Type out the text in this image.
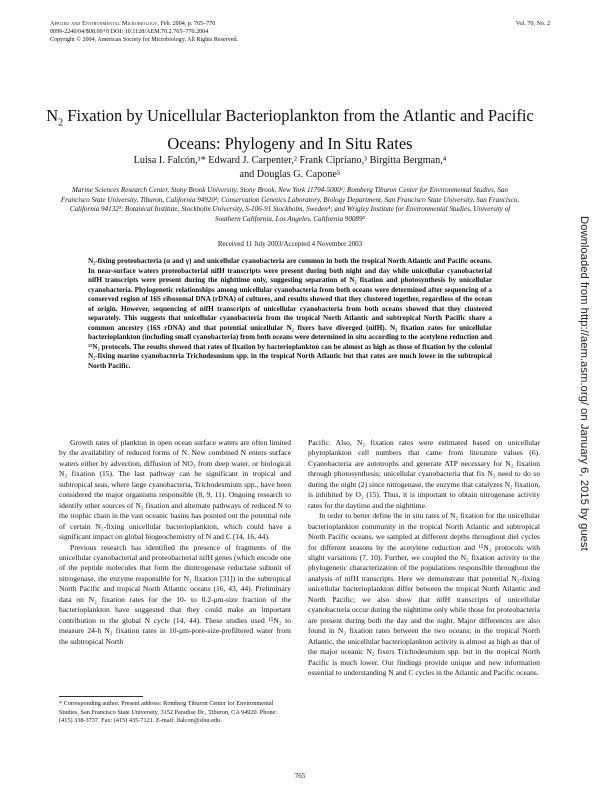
Applied and Environmental Microbiology, Feb. 2004, p. 765–770
0099-2240/04/$08.00+0 DOI: 10.1128/AEM.70.2.765–770.2004
Copyright © 2004, American Society for Microbiology. All Rights Reserved.
Vol. 70, No. 2
$N_2$ Fixation by Unicellular Bacterioplankton from the Atlantic and Pacific Oceans: Phylogeny and In Situ Rates
Luisa I. Falcón,¹* Edward J. Carpenter,² Frank Cipriano,³ Birgitta Bergman,⁴
and Douglas G. Capone⁵
Marine Sciences Research Center, Stony Brook University, Stony Brook, New York 11794-5000¹; Romberg Tiburon Center for Environmental Studies, San Francisco State University, Tiburon, California 94920²; Conservation Genetics Laboratory, Biology Department, San Francisco State University, San Francisco, California 94132³; Botanical Institute, Stockholm University, S-106-91 Stockholm, Sweden⁴; and Wrigley Institute for Environmental Studies, University of Southern California, Los Angeles, California 90089⁵
Received 11 July 2003/Accepted 4 November 2003
N₂-fixing proteobacteria (α and γ) and unicellular cyanobacteria are common in both the tropical North Atlantic and Pacific oceans. In near-surface waters proteobacterial nifH transcripts were present during both night and day while unicellular cyanobacterial nifH transcripts were present during the nighttime only, suggesting separation of N₂ fixation and photosynthesis by unicellular cyanobacteria. Phylogenetic relationships among unicellular cyanobacteria from both oceans were determined after sequencing of a conserved region of 16S ribosomal DNA (rDNA) of cultures, and results showed that they clustered together, regardless of the ocean of origin. However, sequencing of nifH transcripts of unicellular cyanobacteria from both oceans showed that they clustered separately. This suggests that unicellular cyanobacteria from the tropical North Atlantic and subtropical North Pacific share a common ancestry (16S rDNA) and that potential unicellular N₂ fixers have diverged (nifH). N₂ fixation rates for unicellular bacterioplankton (including small cyanobacteria) from both oceans were determined in situ according to the acetylene reduction and ¹⁵N₂ protocols. The results showed that rates of fixation by bacterioplankton can be almost as high as those of fixation by the colonial N₂-fixing marine cyanobacteria Trichodesmium spp. in the tropical North Atlantic but that rates are much lower in the subtropical North Pacific.

Growth rates of plankton in open ocean surface waters are often limited by the availability of reduced forms of N. New combined N enters surface waters either by advection, diffusion of NO₃ from deep water, or biological N₂ fixation (15). The last pathway can be significant in tropical and subtropical seas, where large cyanobacteria, Trichodesmium spp., have been considered the major organisms responsible (8, 9, 11). Ongoing research to identify other sources of N₂ fixation and alternate pathways of reduced N to the trophic chain in the vast oceanic basins has pointed out the potential role of certain N₂-fixing unicellular bacterioplankton, which could have a significant impact on global biogeochemistry of N and C (14, 16, 44).

Previous research has identified the presence of fragments of the unicellular cyanobacterial and proteobacterial nifH genes (which encode one of the peptide molecules that form the dinitrogenase reductase subunit of nitrogenase, the enzyme responsible for N₂ fixation [31]) in the subtropical North Pacific and tropical North Atlantic oceans (16, 43, 44). Preliminary data on N₂ fixation rates for the 10- to 0.2-μm-size fraction of the bacterioplankton have suggested that they could make an important contribution to the global N cycle (14, 44). These studies used ¹⁵N₂ to measure 24-h N₂ fixation rates in 10-μm-pore-size-prefiltered water from the subtropical North

Pacific. Also, N₂ fixation rates were estimated based on unicellular phytoplankton cell numbers that came from literature values (6). Cyanobacteria are autotrophs and generate ATP necessary for N₂ fixation through photosynthesis; unicellular cyanobacteria that fix N₂ need to do so during the night (2) since nitrogenase, the enzyme that catalyzes N₂ fixation, is inhibited by O₂ (15). Thus, it is important to obtain nitrogenase activity rates for the daytime and the nighttime.

In order to better define the in situ rates of N₂ fixation for the unicellular bacterioplankton community in the tropical North Atlantic and subtropical North Pacific oceans, we sampled at different depths throughout diel cycles for different seasons by the acetylene reduction and ¹⁵N₂ protocols with slight variations (7, 10). Further, we coupled the N₂ fixation activity to the phylogenetic characterization of the populations responsible throughout the analysis of nifH transcripts. Here we demonstrate that potential N₂-fixing unicellular bacterioplankton differ between the tropical North Atlantic and North Pacific; we also show that nifH transcripts of unicellular cyanobacteria occur during the nighttime only while those for proteobacteria are present during both the day and the night. Major differences are also found in N₂ fixation rates between the two oceans; in the tropical North Atlantic, the unicellular bacterioplankton activity is almost as high as that of the major oceanic N₂ fixers Trichodesmium spp. but in the tropical North Pacific is much lower. Our findings provide unique and new information essential to understanding N and C cycles in the Atlantic and Pacific oceans.

* Corresponding author. Present address: Romberg Tiburon Center for Environmental Studies, San Francisco State University, 3152 Paradise Dr., Tiburon, CA 94920. Phone: (415) 338-3737. Fax: (415) 435-7121. E-mail: lfalcon@sfsu.edu.
765
Downloaded from http://aem.asm.org/ on January 6, 2015 by guest
